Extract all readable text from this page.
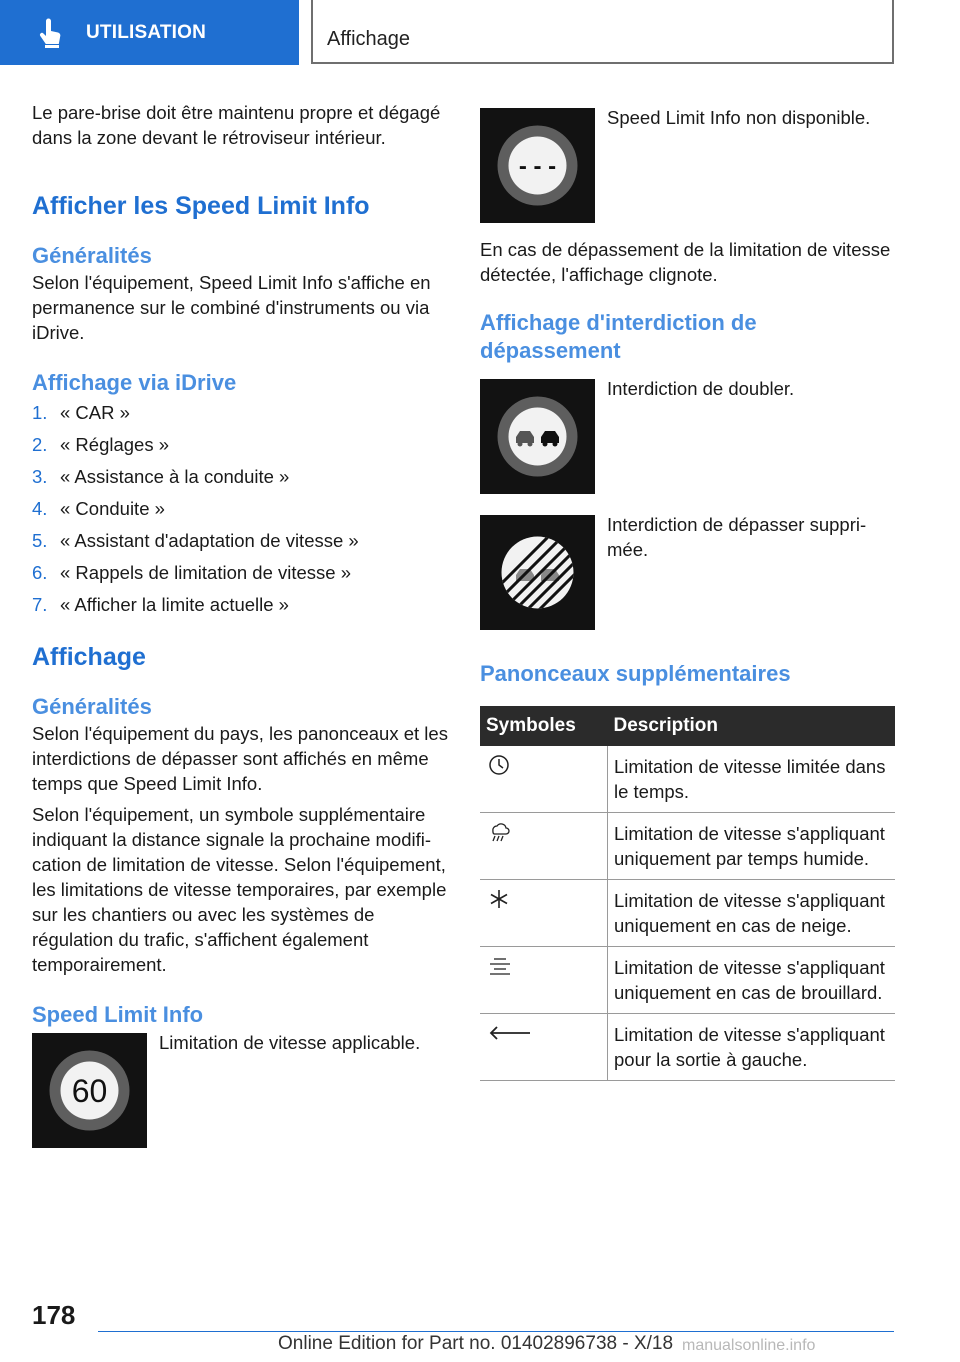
UTILISATION	Affichage

Le pare-brise doit être maintenu propre et dégagé dans la zone devant le rétroviseur intérieur.

Afficher les Speed Limit Info
Généralités

Selon l'équipement, Speed Limit Info s'affiche en permanence sur le combiné d'instruments ou via iDrive.

Affichage via iDrive
1. « CAR »
2. « Réglages »
3. « Assistance à la conduite »
4. « Conduite »
5. « Assistant d'adaptation de vitesse »
6. « Rappels de limitation de vitesse »
7. « Afficher la limite actuelle »
Affichage
Généralités

Selon l'équipement du pays, les panonceaux et les interdictions de dépasser sont affichés en même temps que Speed Limit Info.

Selon l'équipement, un symbole supplémentaire indiquant la distance signale la prochaine modification de limitation de vitesse. Selon l'équipement, les limitations de vitesse temporaires, par exemple sur les chantiers ou avec les systèmes de régulation du trafic, s'affichent également temporairement.

Speed Limit Info
60

Limitation de vitesse applicable.

- - -

Speed Limit Info non disponible.

En cas de dépassement de la limitation de vitesse détectée, l'affichage clignote.

Affichage d'interdiction de dépassement

Interdiction de doubler.

Interdiction de dépasser supprimée.

Panonceaux supplémentaires
Symboles	Description
	Limitation de vitesse limitée dans le temps.
	Limitation de vitesse s'appliquant uniquement par temps humide.
	Limitation de vitesse s'appliquant uniquement en cas de neige.
	Limitation de vitesse s'appliquant uniquement en cas de brouillard.
	Limitation de vitesse s'appliquant pour la sortie à gauche.
178
Online Edition for Part no. 01402896738 - X/18 manualsonline.info
